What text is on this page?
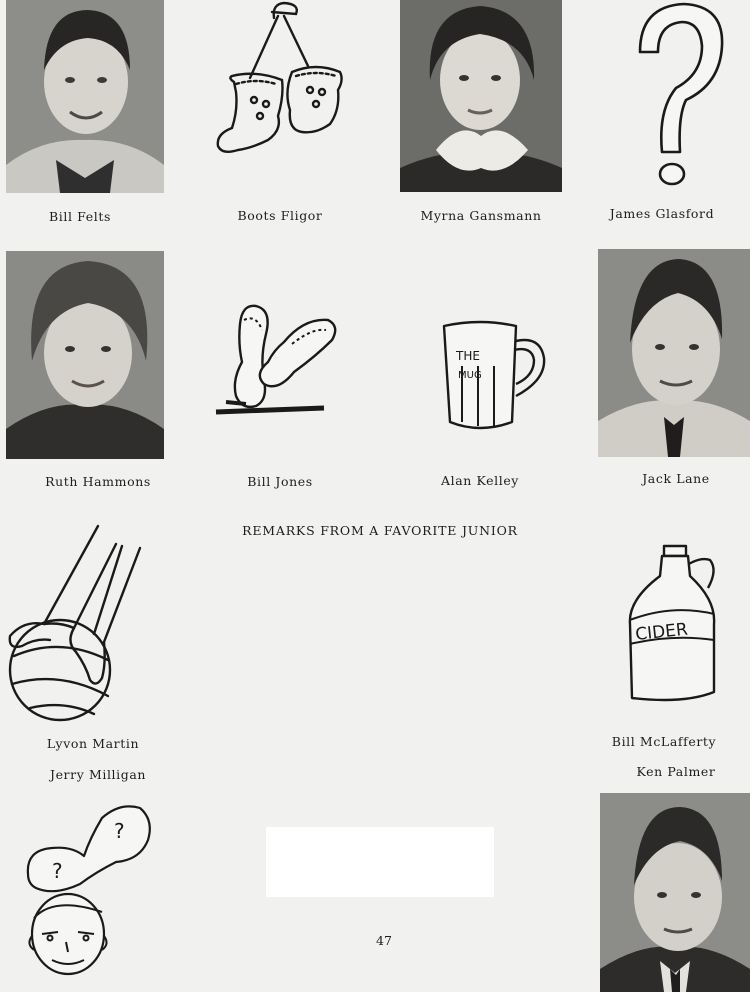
Bill Felts	Boots Fligor	Myrna Gansmann	James Glasford
Ruth Hammons	Bill Jones
THE
MUG
Alan Kelley	Jack Lane
REMARKS FROM A FAVORITE JUNIOR
Lyvon Martin
Jerry Milligan
CIDER
Bill McLafferty
Ken Palmer
?
?
47
